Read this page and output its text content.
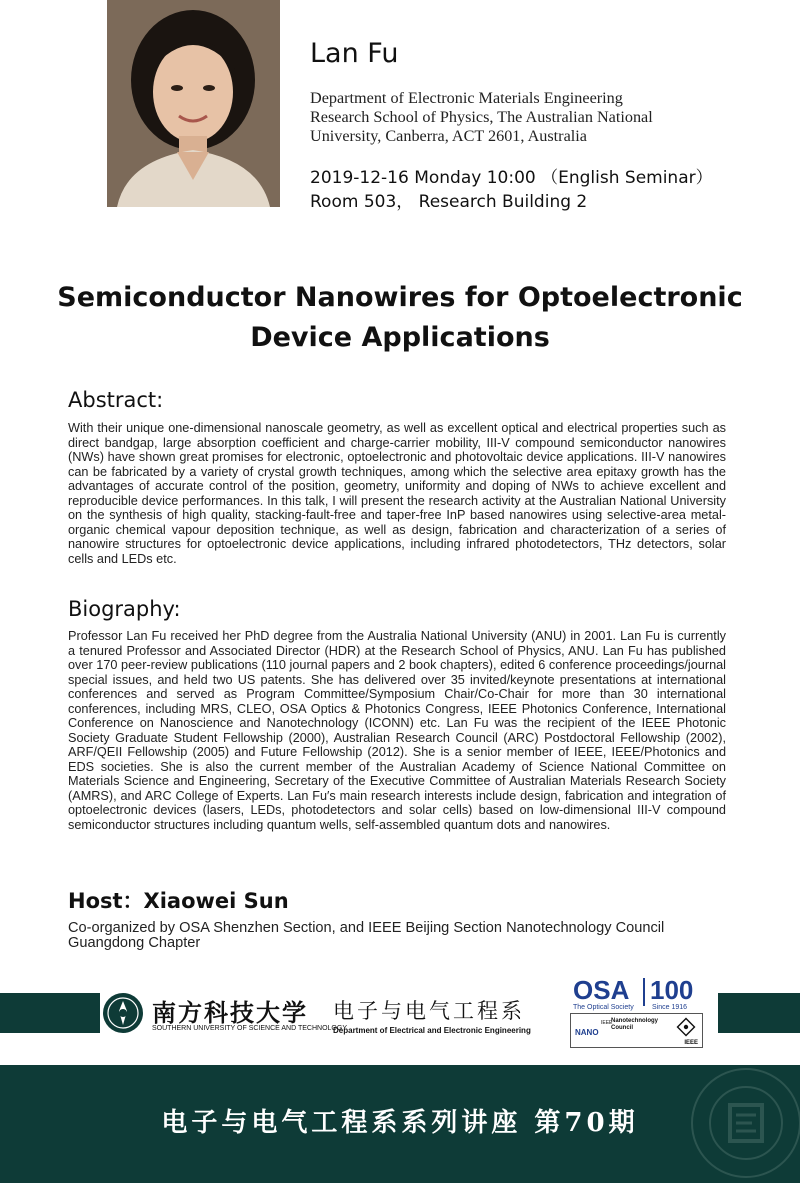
Lan Fu
Department of Electronic Materials Engineering
Research School of Physics, The Australian National
University, Canberra, ACT 2601, Australia
2019-12-16 Monday 10:00 （English Seminar）
Room 503， Research Building 2
Semiconductor Nanowires for Optoelectronic
Device Applications
Abstract:
With their unique one-dimensional nanoscale geometry, as well as excellent optical and electrical properties such as direct bandgap, large absorption coefficient and charge-carrier mobility, III-V compound semiconductor nanowires (NWs) have shown great promises for electronic, optoelectronic and photovoltaic device applications. III-V nanowires can be fabricated by a variety of crystal growth techniques, among which the selective area epitaxy growth has the advantages of accurate control of the position, geometry, uniformity and doping of NWs to achieve excellent and reproducible device performances. In this talk, I will present the research activity at the Australian National University on the synthesis of high quality, stacking-fault-free and taper-free InP based nanowires using selective-area metal-organic chemical vapour deposition technique, as well as design, fabrication and characterization of a series of nanowire structures for optoelectronic device applications, including infrared photodetectors, THz detectors, solar cells and LEDs etc.
Biography:
Professor Lan Fu received her PhD degree from the Australia National University (ANU) in 2001. Lan Fu is currently a tenured Professor and Associated Director (HDR) at the Research School of Physics, ANU. Lan Fu has published over 170 peer-review publications (110 journal papers and 2 book chapters), edited 6 conference proceedings/journal special issues, and held two US patents. She has delivered over 35 invited/keynote presentations at international conferences and served as Program Committee/Symposium Chair/Co-Chair for more than 30 international conferences, including MRS, CLEO, OSA Optics & Photonics Congress, IEEE Photonics Conference, International Conference on Nanoscience and Nanotechnology (ICONN) etc. Lan Fu was the recipient of the IEEE Photonic Society Graduate Student Fellowship (2000), Australian Research Council (ARC) Postdoctoral Fellowship (2002), ARF/QEII Fellowship (2005) and Future Fellowship (2012). She is a senior member of IEEE, IEEE/Photonics and EDS societies. She is also the current member of the Australian Academy of Science National Committee on Materials Science and Engineering, Secretary of the Executive Committee of Australian Materials Research Society (AMRS), and ARC College of Experts. Lan Fu′s main research interests include design, fabrication and integration of optoelectronic devices (lasers, LEDs, photodetectors and solar cells) based on low-dimensional III-V compound semiconductor structures including quantum wells, self-assembled quantum dots and nanowires.
Host：Xiaowei Sun
Co-organized by OSA Shenzhen Section, and IEEE Beijing Section Nanotechnology Council Guangdong Chapter
南方科技大学
SOUTHERN UNIVERSITY OF SCIENCE AND TECHNOLOGY
电子与电气工程系
Department of Electrical and Electronic Engineering
OSA 100
The Optical Society	Since 1916
IEEE
NANO
Nanotechnology Council
IEEE
电子与电气工程系系列讲座 第70期
